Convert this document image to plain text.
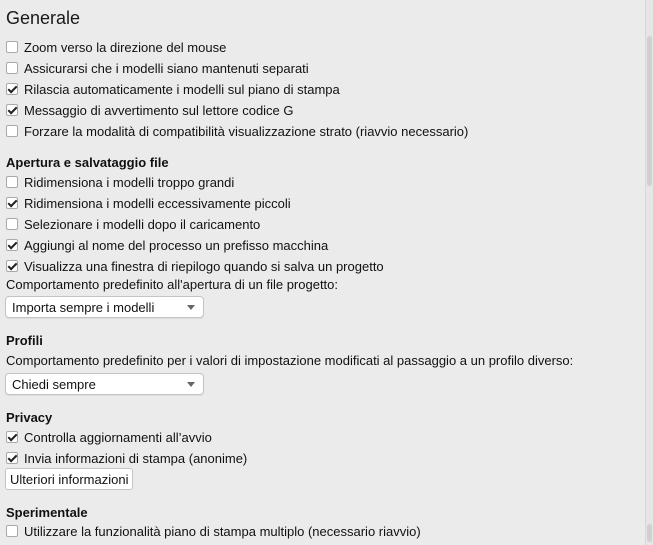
Generale
Zoom verso la direzione del mouse
Assicurarsi che i modelli siano mantenuti separati
Rilascia automaticamente i modelli sul piano di stampa
Messaggio di avvertimento sul lettore codice G
Forzare la modalità di compatibilità visualizzazione strato (riavvio necessario)
Apertura e salvataggio file
Ridimensiona i modelli troppo grandi
Ridimensiona i modelli eccessivamente piccoli
Selezionare i modelli dopo il caricamento
Aggiungi al nome del processo un prefisso macchina
Visualizza una finestra di riepilogo quando si salva un progetto
Comportamento predefinito all'apertura di un file progetto:
Importa sempre i modelli
Profili
Comportamento predefinito per i valori di impostazione modificati al passaggio a un profilo diverso:
Chiedi sempre
Privacy
Controlla aggiornamenti all’avvio
Invia informazioni di stampa (anonime)
Ulteriori informazioni
Sperimentale
Utilizzare la funzionalità piano di stampa multiplo (necessario riavvio)
